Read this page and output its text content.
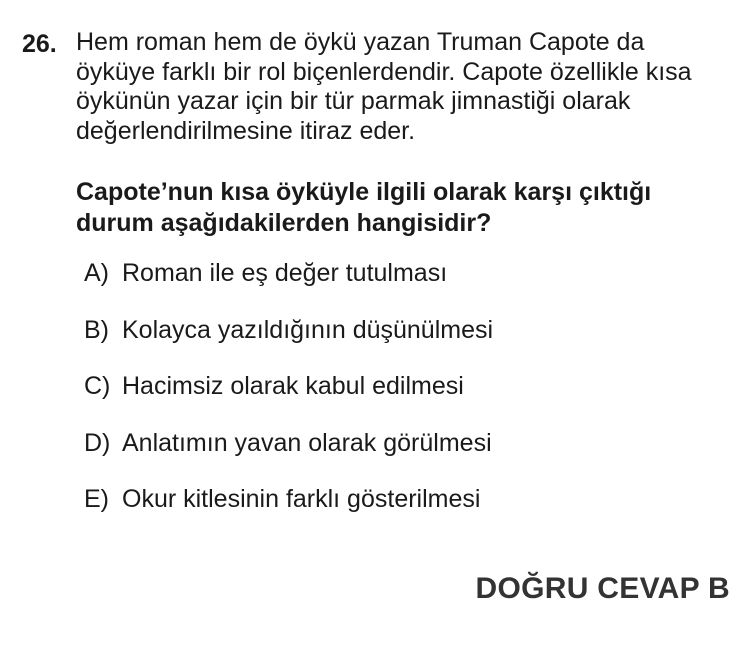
26. Hem roman hem de öykü yazan Truman Capote da
öyküye farklı bir rol biçenlerdendir. Capote özellikle kısa
öykünün yazar için bir tür parmak jimnastiği olarak
değerlendirilmesine itiraz eder.
Capote’nun kısa öyküyle ilgili olarak karşı çıktığı
durum aşağıdakilerden hangisidir?
A) Roman ile eş değer tutulması
B) Kolayca yazıldığının düşünülmesi
C) Hacimsiz olarak kabul edilmesi
D) Anlatımın yavan olarak görülmesi
E) Okur kitlesinin farklı gösterilmesi
DOĞRU CEVAP B
